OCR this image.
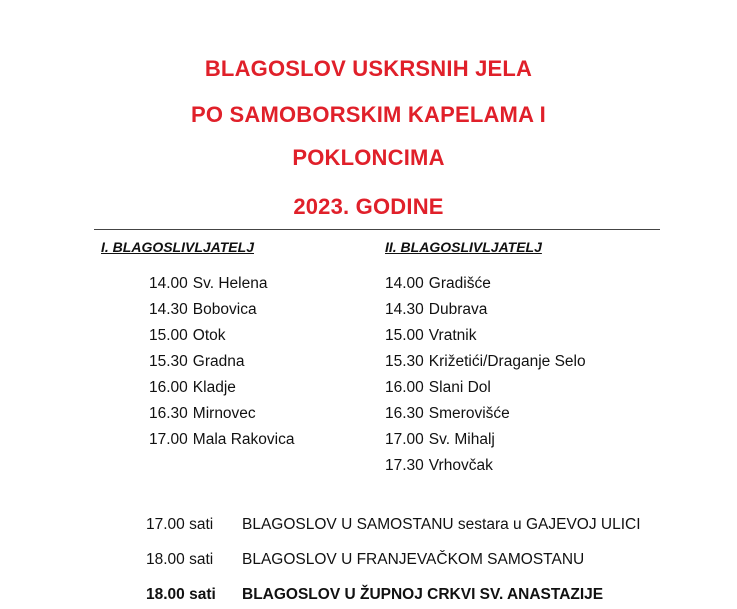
BLAGOSLOV USKRSNIH JELA
PO SAMOBORSKIM KAPELAMA I
POKLONCIMA
2023. GODINE
I. BLAGOSLIVLJATELJ	II. BLAGOSLIVLJATELJ
14.00 Sv. Helena
14.30 Bobovica
15.00 Otok
15.30 Gradna
16.00 Kladje
16.30 Mirnovec
17.00 Mala Rakovica
14.00 Gradišće
14.30 Dubrava
15.00 Vratnik
15.30 Križetići/Draganje Selo
16.00 Slani Dol
16.30 Smerovišće
17.00 Sv. Mihalj
17.30 Vrhovčak
17.00 sati BLAGOSLOV U SAMOSTANU sestara u GAJEVOJ ULICI
18.00 sati BLAGOSLOV U FRANJEVAČKOM SAMOSTANU
18.00 sati BLAGOSLOV U ŽUPNOJ CRKVI SV. ANASTAZIJE
